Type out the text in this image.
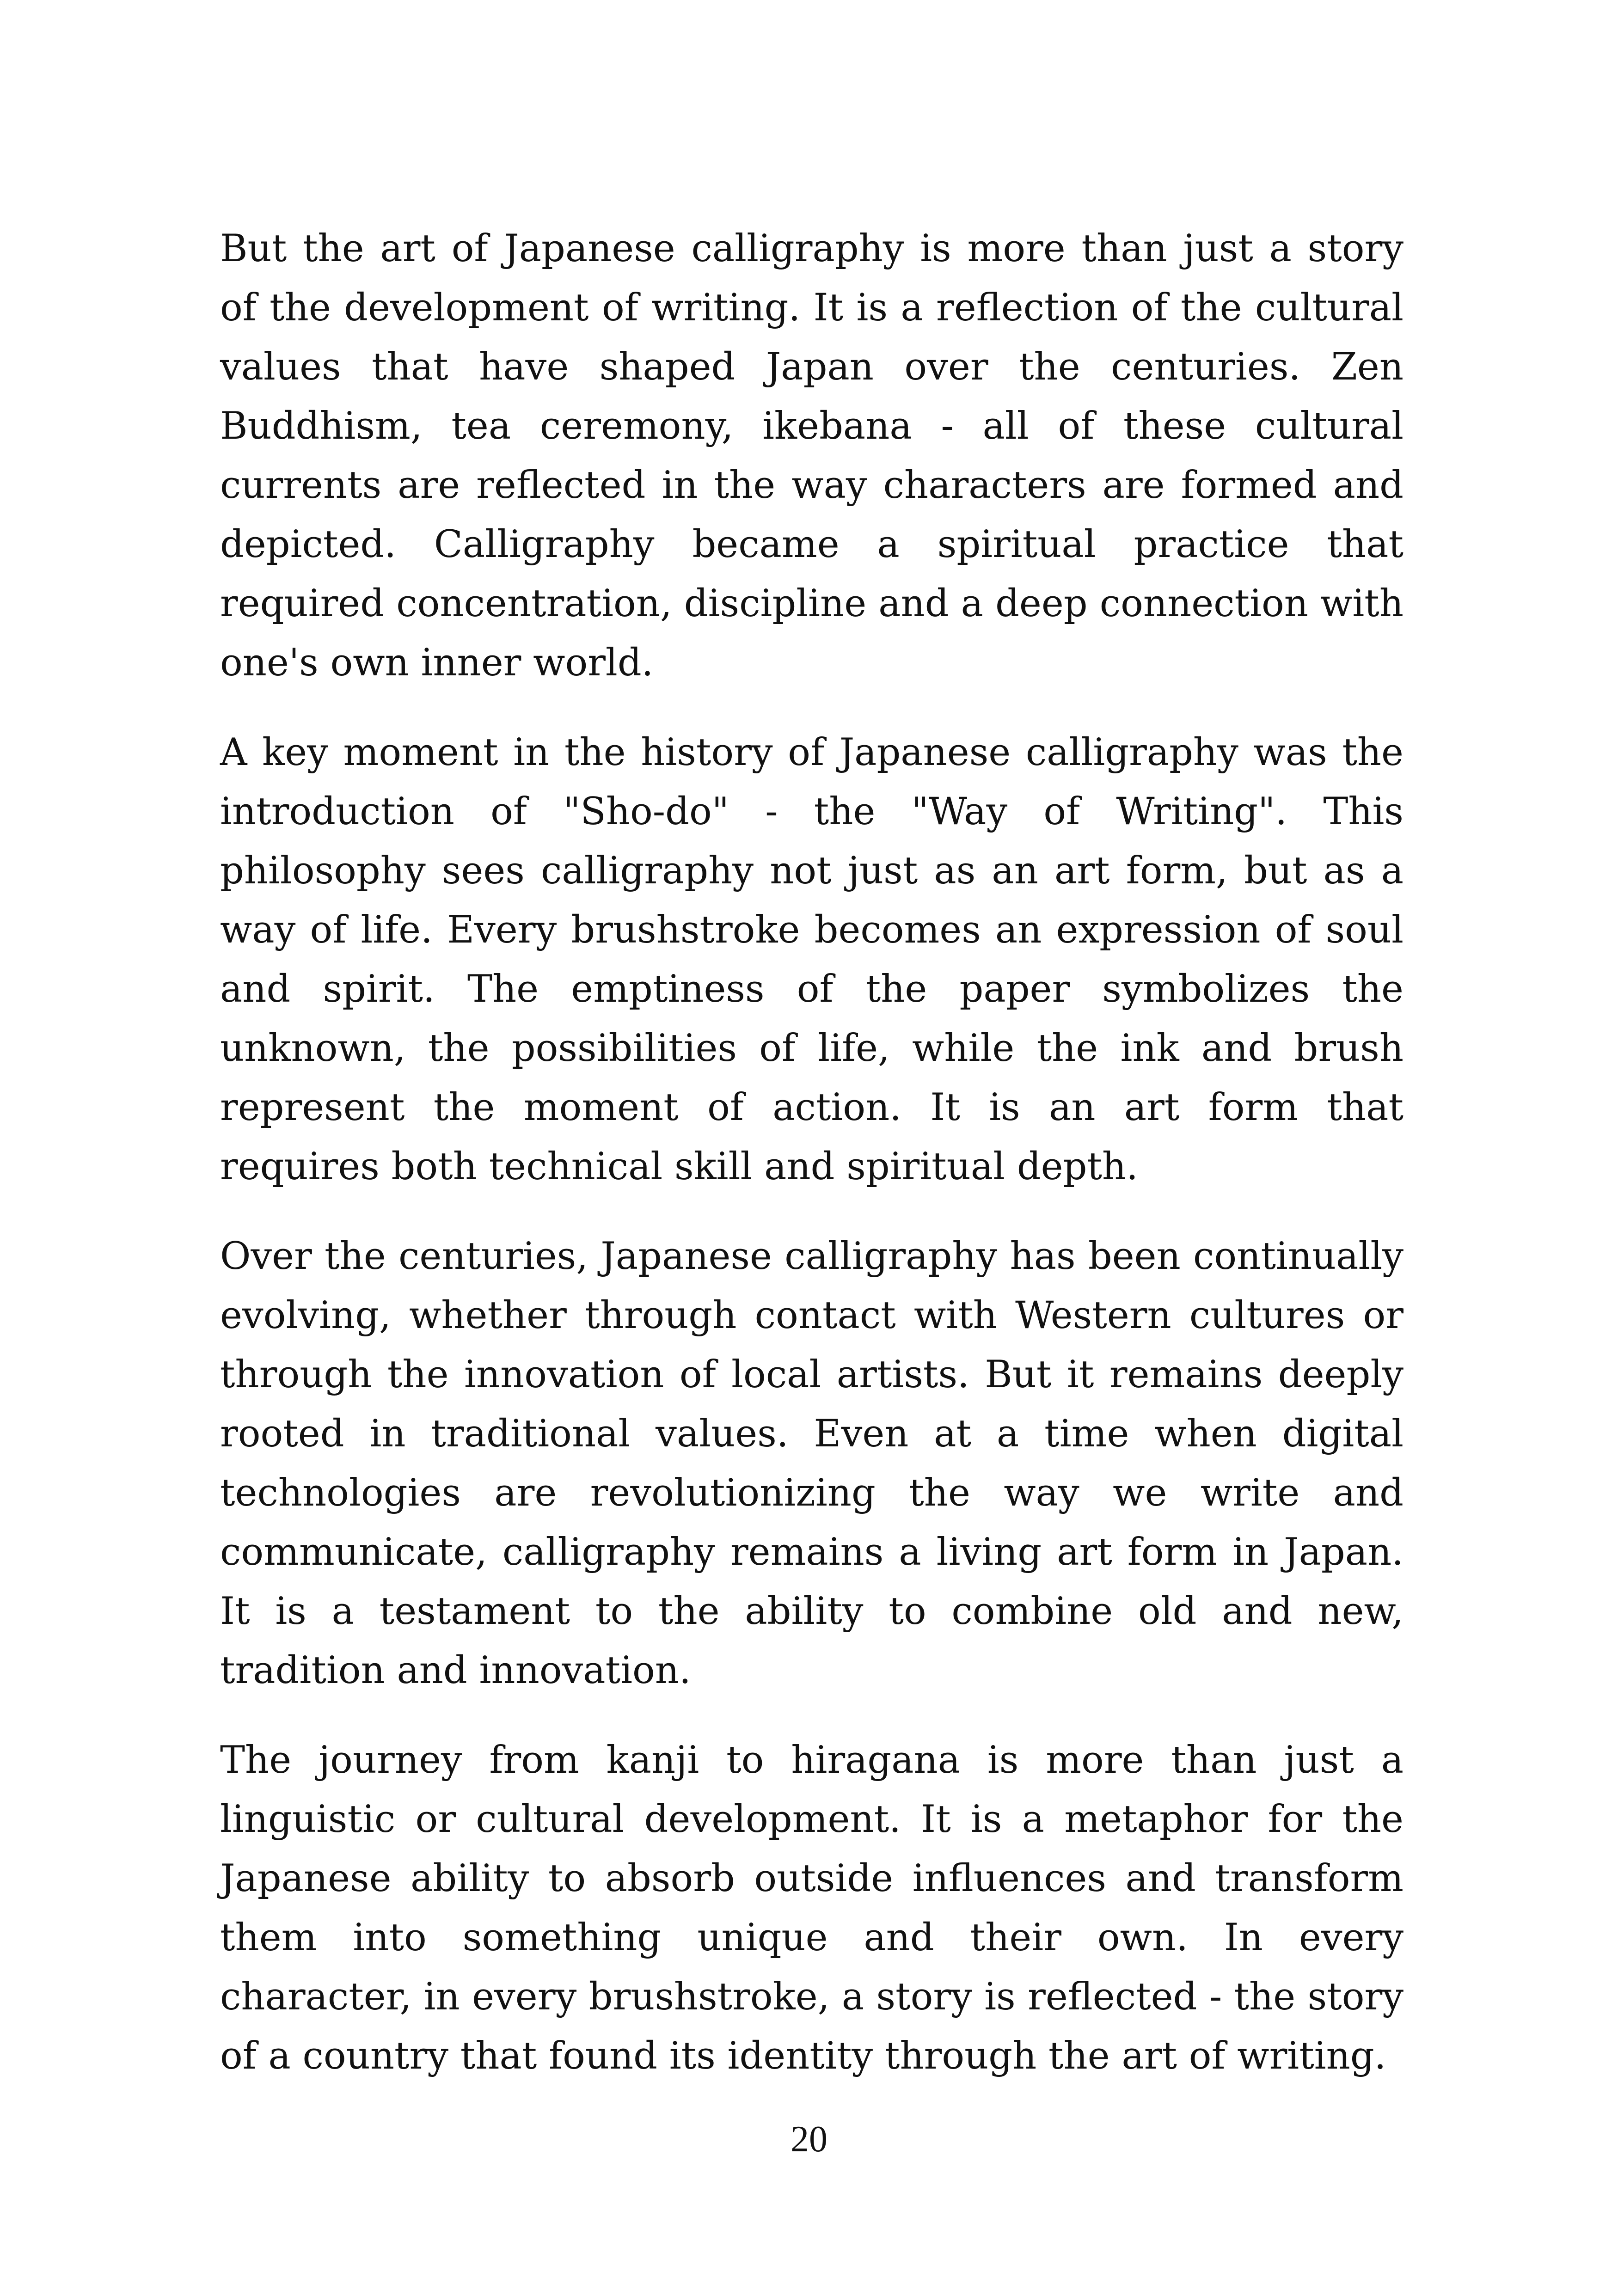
But the art of Japanese calligraphy is more than just a story of the development of writing. It is a reflection of the cultural values that have shaped Japan over the centuries. Zen Buddhism, tea ceremony, ikebana - all of these cultural currents are reflected in the way characters are formed and depicted. Calligraphy became a spiritual practice that required concentration, discipline and a deep connection with one's own inner world.

A key moment in the history of Japanese calligraphy was the introduction of "Sho-do" - the "Way of Writing". This philosophy sees calligraphy not just as an art form, but as a way of life. Every brushstroke becomes an expression of soul and spirit. The emptiness of the paper symbolizes the unknown, the possibilities of life, while the ink and brush represent the moment of action. It is an art form that requires both technical skill and spiritual depth.

Over the centuries, Japanese calligraphy has been continually evolving, whether through contact with Western cultures or through the innovation of local artists. But it remains deeply rooted in traditional values. Even at a time when digital technologies are revolutionizing the way we write and communicate, calligraphy remains a living art form in Japan. It is a testament to the ability to combine old and new, tradition and innovation.

The journey from kanji to hiragana is more than just a linguistic or cultural development. It is a metaphor for the Japanese ability to absorb outside influences and transform them into something unique and their own. In every character, in every brushstroke, a story is reflected - the story of a country that found its identity through the art of writing.

20
